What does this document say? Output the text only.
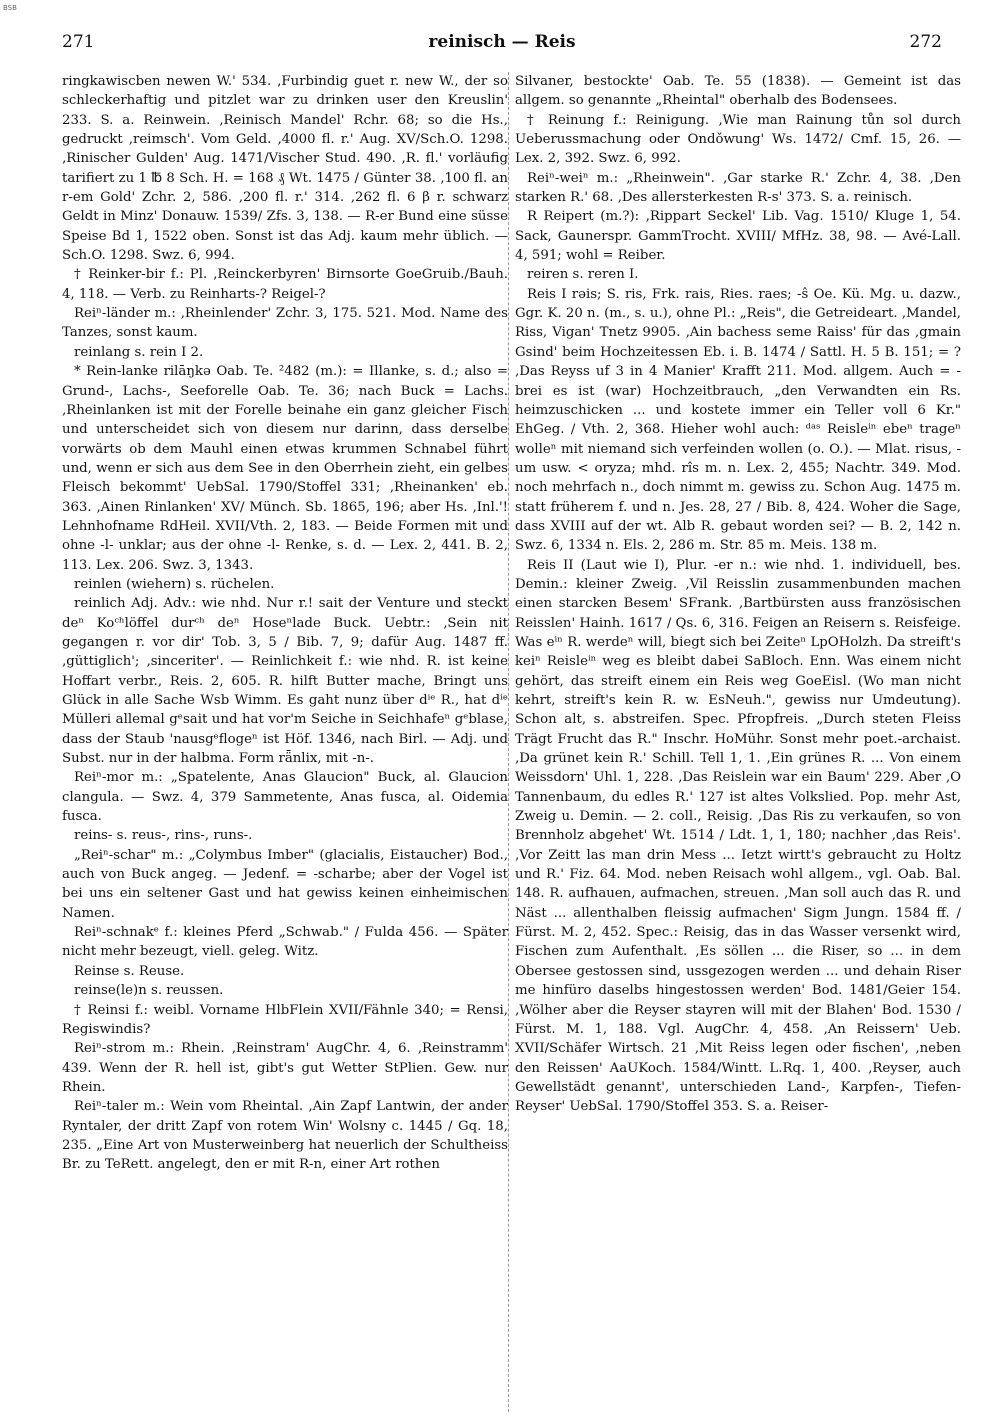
BSB
271	reinisch — Reis	272

ringkawiscben newen W.' 534. ‚Furbindig guet r. new W., der so schleckerhaftig und pitzlet war zu drinken user den Kreuslin' 233. S. a. Reinwein. ‚Reinisch Mandel' Rchr. 68; so die Hs., gedruckt ‚reimsch'. Vom Geld. ‚4000 fl. r.' Aug. XV/Sch.O. 1298. ‚Rinischer Gulden' Aug. 1471/Vischer Stud. 490. ‚R. fl.' vorläufig tarifiert zu 1 ℔ 8 Sch. H. = 168 ₰ Wt. 1475 / Günter 38. ‚100 fl. an r-em Gold' Zchr. 2, 586. ‚200 fl. r.' 314. ‚262 fl. 6 β r. schwarz Geldt in Minz' Donauw. 1539/ Zfs. 3, 138. — R-er Bund eine süsse Speise Bd 1, 1522 oben. Sonst ist das Adj. kaum mehr üblich. — Sch.O. 1298. Swz. 6, 994.

† Reinker-bir f.: Pl. ‚Reinckerbyren' Birnsorte GoeGruib./Bauh. 4, 118. — Verb. zu Reinharts-? Reigel-?

Reiⁿ-länder m.: ‚Rheinlender' Zchr. 3, 175. 521. Mod. Name des Tanzes, sonst kaum.

reinlang s. rein I 2.

* Rein-lanke rilāŋkə Oab. Te. ²482 (m.): = Illanke, s. d.; also = Grund-, Lachs-, Seeforelle Oab. Te. 36; nach Buck = Lachs. ‚Rheinlanken ist mit der Forelle beinahe ein ganz gleicher Fisch und unterscheidet sich von diesem nur darinn, dass derselbe vorwärts ob dem Mauhl einen etwas krummen Schnabel führt und, wenn er sich aus dem See in den Oberrhein zieht, ein gelbes Fleisch bekommt' UebSal. 1790/Stoffel 331; ‚Rheinanken' eb. 363. ‚Ainen Rinlanken' XV/ Münch. Sb. 1865, 196; aber Hs. ‚Inl.'! Lehnhofname RdHeil. XVII/Vth. 2, 183. — Beide Formen mit und ohne -l- unklar; aus der ohne -l- Renke, s. d. — Lex. 2, 441. B. 2, 113. Lex. 206. Swz. 3, 1343.

reinlen (wiehern) s. rüchelen.

reinlich Adj. Adv.: wie nhd. Nur r.! sait der Venture und steckt deⁿ Koᶜʰlöffel durᶜʰ deⁿ Hoseⁿlade Buck. Uebtr.: ‚Sein nit gegangen r. vor dir' Tob. 3, 5 / Bib. 7, 9; dafür Aug. 1487 ff. ‚güttiglich'; ‚sinceriter'. — Reinlichkeit f.: wie nhd. R. ist keine Hoffart verbr., Reis. 2, 605. R. hilft Butter mache, Bringt uns Glück in alle Sache Wsb Wimm. Es gaht nunz über dⁱᵉ R., hat dⁱᵉ Mülleri allemal gᵉsait und hat vor'm Seiche in Seichhafeⁿ gᵉblase, dass der Staub 'nausgᵉflogeⁿ ist Höf. 1346, nach Birl. — Adj. und Subst. nur in der halbma. Form rǟnlix, mit -n-.

Reiⁿ-mor m.: „Spatelente, Anas Glaucion" Buck, al. Glaucion clangula. — Swz. 4, 379 Sammetente, Anas fusca, al. Oidemia fusca.

reins- s. reus-, rins-, runs-.

„Reiⁿ-schar" m.: „Colymbus Imber" (glacialis, Eistaucher) Bod., auch von Buck angeg. — Jedenf. = -scharbe; aber der Vogel ist bei uns ein seltener Gast und hat gewiss keinen einheimischen Namen.

Reiⁿ-schnakᵉ f.: kleines Pferd „Schwab." / Fulda 456. — Später nicht mehr bezeugt, viell. geleg. Witz.

Reinse s. Reuse.

reinse(le)n s. reussen.

† Reinsi f.: weibl. Vorname HlbFlein XVII/Fähnle 340; = Rensi, Regiswindis?

Reiⁿ-strom m.: Rhein. ‚Reinstram' AugChr. 4, 6. ‚Reinstramm' 439. Wenn der R. hell ist, gibt's gut Wetter StPlien. Gew. nur Rhein.

Reiⁿ-taler m.: Wein vom Rheintal. ‚Ain Zapf Lantwin, der ander Ryntaler, der dritt Zapf von rotem Win' Wolsny c. 1445 / Gq. 18, 235. „Eine Art von Musterweinberg hat neuerlich der Schultheiss Br. zu TeRett. angelegt, den er mit R-n, einer Art rothen

Silvaner, bestockte' Oab. Te. 55 (1838). — Gemeint ist das allgem. so genannte „Rheintal" oberhalb des Bodensees.

† Reinung f.: Reinigung. ‚Wie man Rainung tůn sol durch Ueberussmachung oder Ondǒwung' Ws. 1472/ Cmf. 15, 26. — Lex. 2, 392. Swz. 6, 992.

Reiⁿ-weiⁿ m.: „Rheinwein". ‚Gar starke R.' Zchr. 4, 38. ‚Den starken R.' 68. ‚Des allersterkesten R-s' 373. S. a. reinisch.

R Reipert (m.?): ‚Rippart Seckel' Lib. Vag. 1510/ Kluge 1, 54. Sack, Gaunerspr. GammTrocht. XVIII/ MfHz. 38, 98. — Avé-Lall. 4, 591; wohl = Reiber.

reiren s. reren I.

Reis I rəis; S. ris, Frk. rais, Ries. raes; -ŝ Oe. Kü. Mg. u. dazw., Ggr. K. 20 n. (m., s. u.), ohne Pl.: „Reis", die Getreideart. ‚Mandel, Riss, Vigan' Tnetz 9905. ‚Ain bachess seme Raiss' für das ‚gmain Gsind' beim Hochzeitessen Eb. i. B. 1474 / Sattl. H. 5 B. 151; = ? ‚Das Reyss uf 3 in 4 Manier' Krafft 211. Mod. allgem. Auch = -brei es ist (war) Hochzeitbrauch, „den Verwandten ein Rs. heimzuschicken ... und kostete immer ein Teller voll 6 Kr." EhGeg. / Vth. 2, 368. Hieher wohl auch: ᵈᵃˢ Reisleⁱⁿ ebeⁿ trageⁿ wolleⁿ mit niemand sich verfeinden wollen (o. O.). — Mlat. risus, -um usw. < oryza; mhd. rîs m. n. Lex. 2, 455; Nachtr. 349. Mod. noch mehrfach n., doch nimmt m. gewiss zu. Schon Aug. 1475 m. statt früherem f. und n. Jes. 28, 27 / Bib. 8, 424. Woher die Sage, dass XVIII auf der wt. Alb R. gebaut worden sei? — B. 2, 142 n. Swz. 6, 1334 n. Els. 2, 286 m. Str. 85 m. Meis. 138 m.

Reis II (Laut wie I), Plur. -er n.: wie nhd. 1. individuell, bes. Demin.: kleiner Zweig. ‚Vil Reisslin zusammenbunden machen einen starcken Besem' SFrank. ‚Bartbürsten auss französischen Reisslen' Hainh. 1617 / Qs. 6, 316. Feigen an Reisern s. Reisfeige. Was eⁱⁿ R. werdeⁿ will, biegt sich bei Zeiteⁿ LpOHolzh. Da streift's keiⁿ Reisleⁱⁿ weg es bleibt dabei SaBloch. Enn. Was einem nicht gehört, das streift einem ein Reis weg GoeEisl. (Wo man nicht kehrt, streift's kein R. w. EsNeuh.", gewiss nur Umdeutung). Schon alt, s. abstreifen. Spec. Pfropfreis. „Durch steten Fleiss Trägt Frucht das R." Inschr. HoMühr. Sonst mehr poet.-archaist. ‚Da grünet kein R.' Schill. Tell 1, 1. ‚Ein grünes R. ... Von einem Weissdorn' Uhl. 1, 228. ‚Das Reislein war ein Baum' 229. Aber ‚O Tannenbaum, du edles R.' 127 ist altes Volkslied. Pop. mehr Ast, Zweig u. Demin. — 2. coll., Reisig. ‚Das Ris zu verkaufen, so von Brennholz abgehet' Wt. 1514 / Ldt. 1, 1, 180; nachher ‚das Reis'. ‚Vor Zeitt las man drin Mess ... Ietzt wirtt's gebraucht zu Holtz und R.' Fiz. 64. Mod. neben Reisach wohl allgem., vgl. Oab. Bal. 148. R. aufhauen, aufmachen, streuen. ‚Man soll auch das R. und Näst ... allenthalben fleissig aufmachen' Sigm Jungn. 1584 ff. / Fürst. M. 2, 452. Spec.: Reisig, das in das Wasser versenkt wird, Fischen zum Aufenthalt. ‚Es söllen ... die Riser, so ... in dem Obersee gestossen sind, ussgezogen werden ... und dehain Riser me hinfüro daselbs hingestossen werden' Bod. 1481/Geier 154. ‚Wölher aber die Reyser stayren will mit der Blahen' Bod. 1530 / Fürst. M. 1, 188. Vgl. AugChr. 4, 458. ‚An Reissern' Ueb. XVII/Schäfer Wirtsch. 21 ‚Mit Reiss legen oder fischen', ‚neben den Reissen' AaUKoch. 1584/Wintt. L.Rq. 1, 400. ‚Reyser, auch Gewellstädt genannt', unterschieden Land-, Karpfen-, Tiefen-Reyser' UebSal. 1790/Stoffel 353. S. a. Reiser-
